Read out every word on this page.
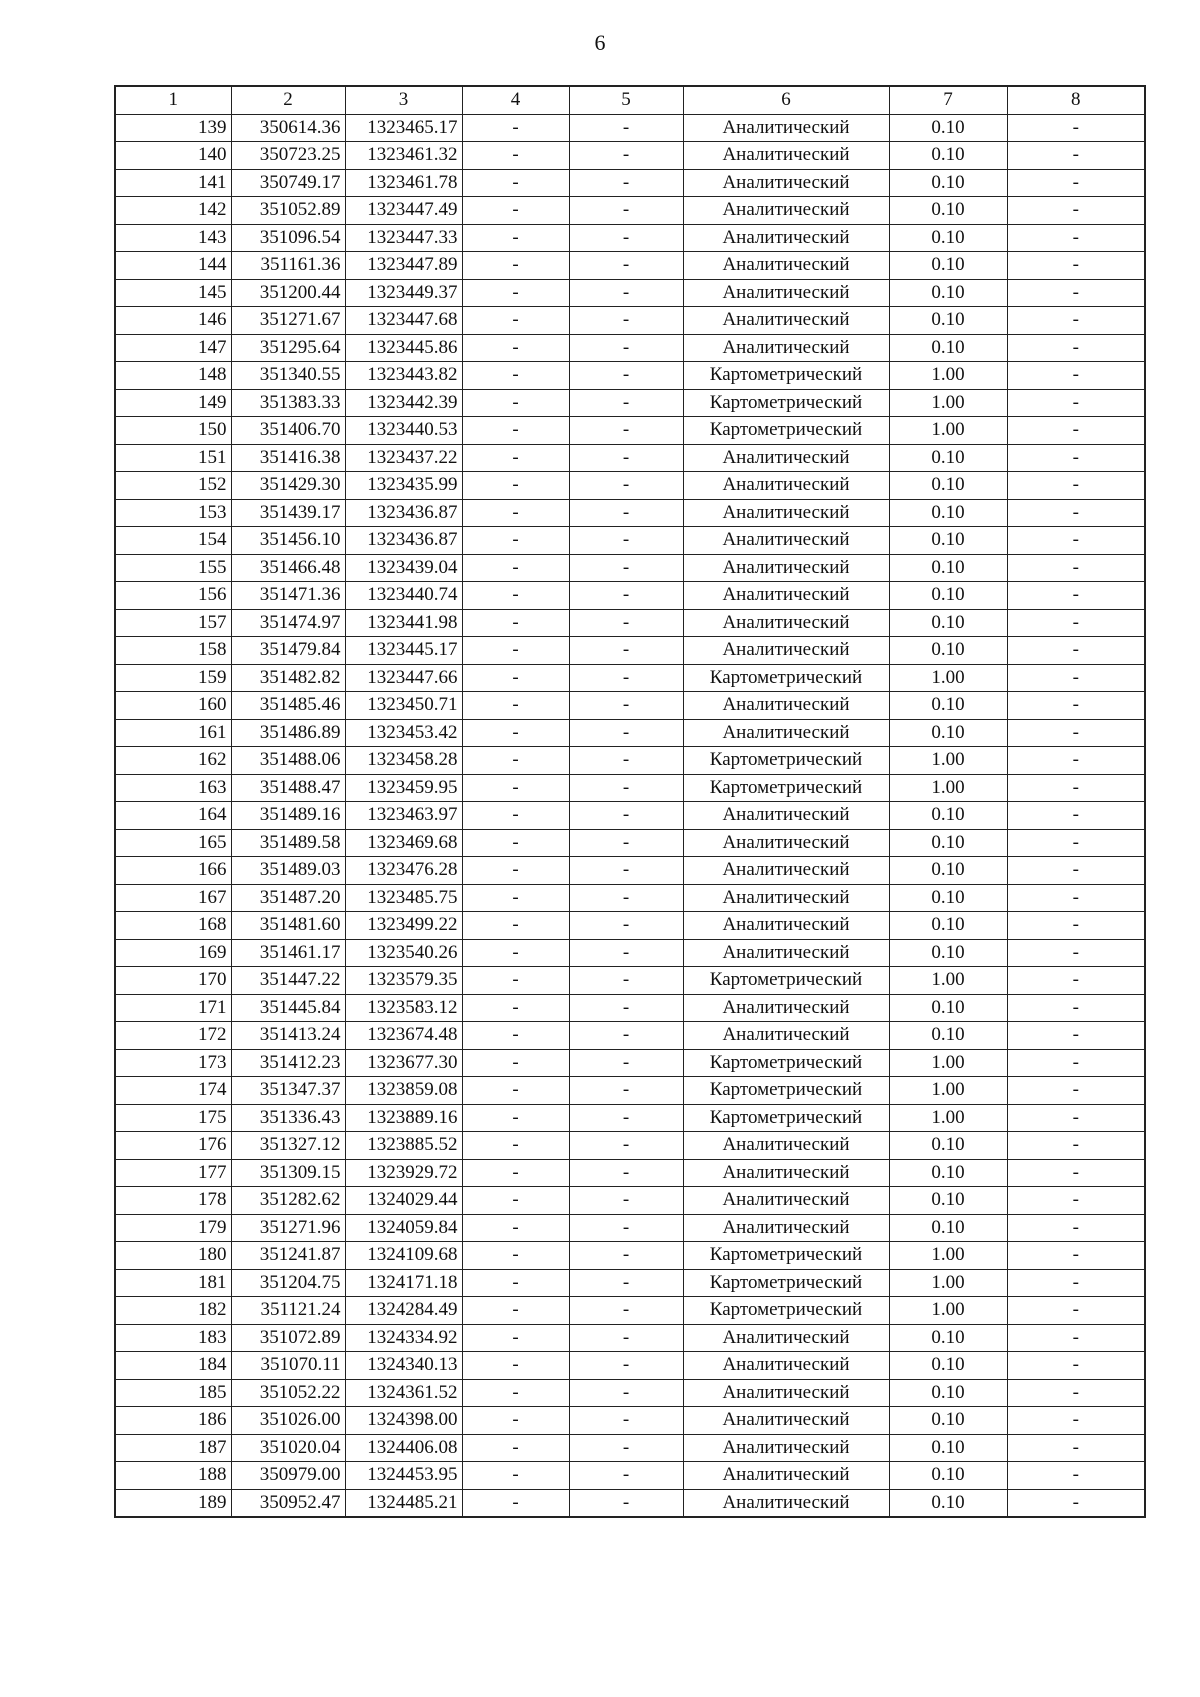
6
1	2	3	4	5	6	7	8
139	350614.36	1323465.17	-	-	Аналитический	0.10	-
140	350723.25	1323461.32	-	-	Аналитический	0.10	-
141	350749.17	1323461.78	-	-	Аналитический	0.10	-
142	351052.89	1323447.49	-	-	Аналитический	0.10	-
143	351096.54	1323447.33	-	-	Аналитический	0.10	-
144	351161.36	1323447.89	-	-	Аналитический	0.10	-
145	351200.44	1323449.37	-	-	Аналитический	0.10	-
146	351271.67	1323447.68	-	-	Аналитический	0.10	-
147	351295.64	1323445.86	-	-	Аналитический	0.10	-
148	351340.55	1323443.82	-	-	Картометрический	1.00	-
149	351383.33	1323442.39	-	-	Картометрический	1.00	-
150	351406.70	1323440.53	-	-	Картометрический	1.00	-
151	351416.38	1323437.22	-	-	Аналитический	0.10	-
152	351429.30	1323435.99	-	-	Аналитический	0.10	-
153	351439.17	1323436.87	-	-	Аналитический	0.10	-
154	351456.10	1323436.87	-	-	Аналитический	0.10	-
155	351466.48	1323439.04	-	-	Аналитический	0.10	-
156	351471.36	1323440.74	-	-	Аналитический	0.10	-
157	351474.97	1323441.98	-	-	Аналитический	0.10	-
158	351479.84	1323445.17	-	-	Аналитический	0.10	-
159	351482.82	1323447.66	-	-	Картометрический	1.00	-
160	351485.46	1323450.71	-	-	Аналитический	0.10	-
161	351486.89	1323453.42	-	-	Аналитический	0.10	-
162	351488.06	1323458.28	-	-	Картометрический	1.00	-
163	351488.47	1323459.95	-	-	Картометрический	1.00	-
164	351489.16	1323463.97	-	-	Аналитический	0.10	-
165	351489.58	1323469.68	-	-	Аналитический	0.10	-
166	351489.03	1323476.28	-	-	Аналитический	0.10	-
167	351487.20	1323485.75	-	-	Аналитический	0.10	-
168	351481.60	1323499.22	-	-	Аналитический	0.10	-
169	351461.17	1323540.26	-	-	Аналитический	0.10	-
170	351447.22	1323579.35	-	-	Картометрический	1.00	-
171	351445.84	1323583.12	-	-	Аналитический	0.10	-
172	351413.24	1323674.48	-	-	Аналитический	0.10	-
173	351412.23	1323677.30	-	-	Картометрический	1.00	-
174	351347.37	1323859.08	-	-	Картометрический	1.00	-
175	351336.43	1323889.16	-	-	Картометрический	1.00	-
176	351327.12	1323885.52	-	-	Аналитический	0.10	-
177	351309.15	1323929.72	-	-	Аналитический	0.10	-
178	351282.62	1324029.44	-	-	Аналитический	0.10	-
179	351271.96	1324059.84	-	-	Аналитический	0.10	-
180	351241.87	1324109.68	-	-	Картометрический	1.00	-
181	351204.75	1324171.18	-	-	Картометрический	1.00	-
182	351121.24	1324284.49	-	-	Картометрический	1.00	-
183	351072.89	1324334.92	-	-	Аналитический	0.10	-
184	351070.11	1324340.13	-	-	Аналитический	0.10	-
185	351052.22	1324361.52	-	-	Аналитический	0.10	-
186	351026.00	1324398.00	-	-	Аналитический	0.10	-
187	351020.04	1324406.08	-	-	Аналитический	0.10	-
188	350979.00	1324453.95	-	-	Аналитический	0.10	-
189	350952.47	1324485.21	-	-	Аналитический	0.10	-
